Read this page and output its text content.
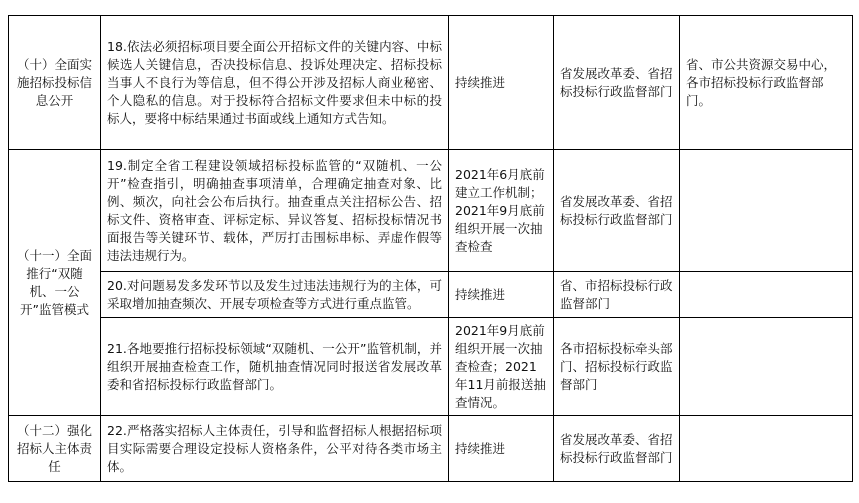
（十）全面实施招标投标信息公开	18.依法必须招标项目要全面公开招标文件的关键内容、中标候选人关键信息，否决投标信息、投诉处理决定、招标投标当事人不良行为等信息，但不得公开涉及招标人商业秘密、个人隐私的信息。对于投标符合招标文件要求但未中标的投标人，要将中标结果通过书面或线上通知方式告知。	持续推进	省发展改革委、省招标投标行政监督部门	省、市公共资源交易中心，各市招标投标行政监督部门。
（十一）全面推行“双随机、一公开”监管模式	19.制定全省工程建设领域招标投标监管的“双随机、一公开”检查指引，明确抽查事项清单，合理确定抽查对象、比例、频次，向社会公布后执行。抽查重点关注招标公告、招标文件、资格审查、评标定标、异议答复、招标投标情况书面报告等关键环节、载体，严厉打击围标串标、弄虚作假等违法违规行为。	2021年6月底前建立工作机制；2021年9月底前组织开展一次抽查检查	省发展改革委、省招标投标行政监督部门	
	20.对问题易发多发环节以及发生过违法违规行为的主体，可采取增加抽查频次、开展专项检查等方式进行重点监管。	持续推进	省、市招标投标行政监督部门	
	21.各地要推行招标投标领域“双随机、一公开”监管机制，并组织开展抽查检查工作，随机抽查情况同时报送省发展改革委和省招标投标行政监督部门。	2021年9月底前组织开展一次抽查检查；2021年11月前报送抽查情况。	各市招标投标牵头部门、招标投标行政监督部门	
（十二）强化招标人主体责任	22.严格落实招标人主体责任，引导和监督招标人根据招标项目实际需要合理设定投标人资格条件，公平对待各类市场主体。	持续推进	省发展改革委、省招标投标行政监督部门	
